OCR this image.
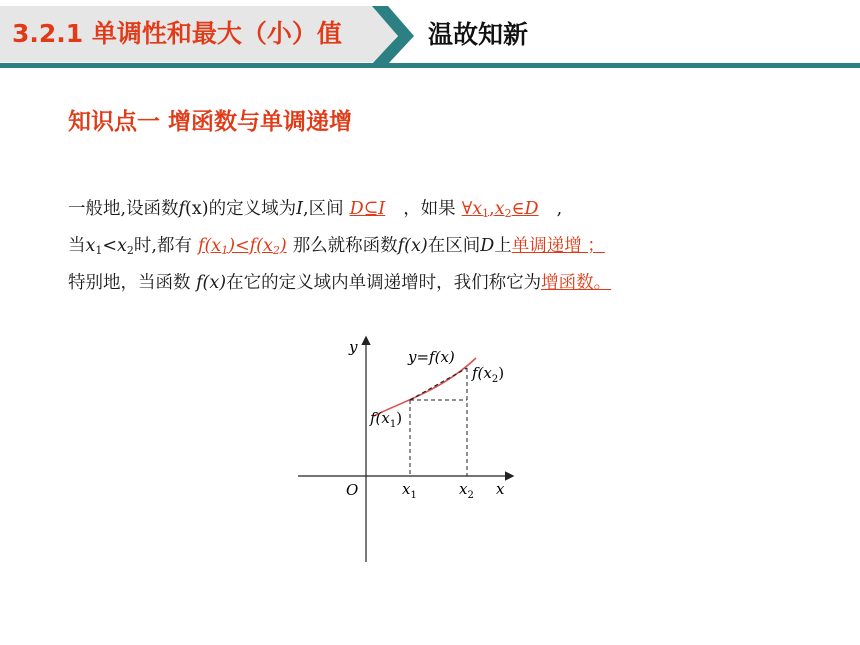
3.2.1 单调性和最大（小）值	温故知新
知识点一 增函数与单调递增
一般地,设函数f(x)的定义域为I,区间 D⊆I ，如果 $\forall x_1,x_2\in D$ ,
当$x_1<x_2$时,都有 $f(x_1)<f(x_2)$ 那么就称函数f(x)在区间D上单调递增 ；
特别地，当函数 f(x)在它的定义域内单调递增时，我们称它为增函数。
y
x
O
y=f(x)
$f(x_1)$
$f(x_2)$
$x_1$	$x_2$
